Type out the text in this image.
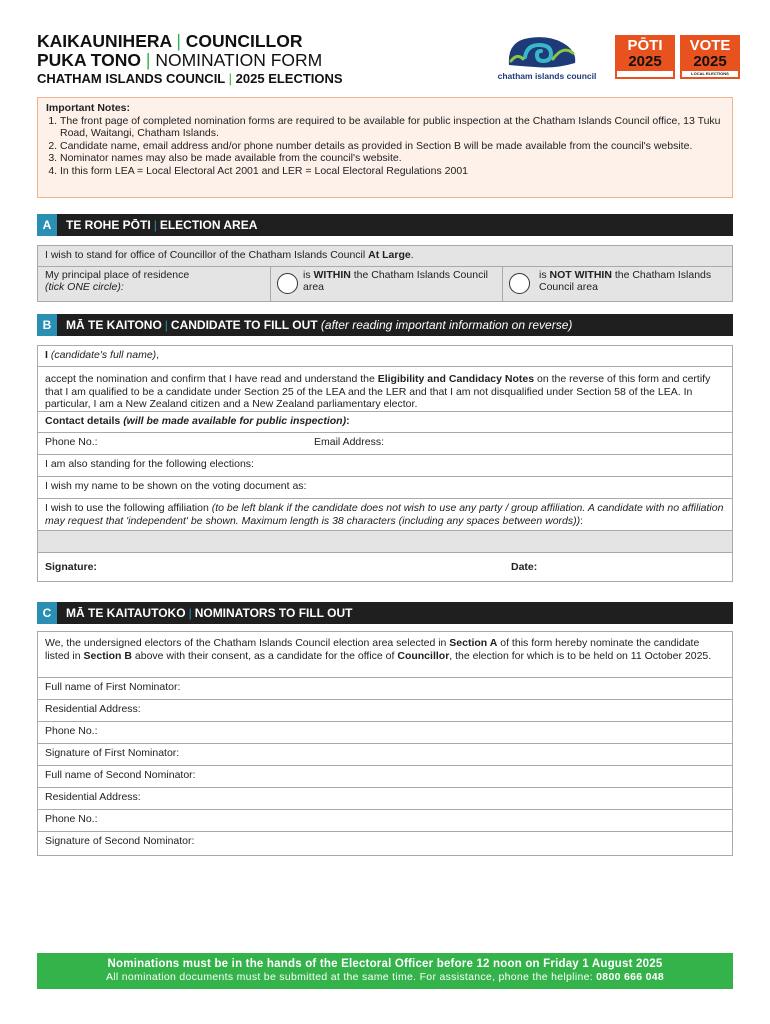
KAIKAUNIHERA | COUNCILLOR
PUKA TONO | NOMINATION FORM
CHATHAM ISLANDS COUNCIL | 2025 ELECTIONS	chatham islands council
PŌTI
2025
VOTE
2025
LOCAL ELECTIONS
Important Notes:
1. The front page of completed nomination forms are required to be available for public inspection at the Chatham Islands Council office, 13 Tuku Road, Waitangi, Chatham Islands.
2. Candidate name, email address and/or phone number details as provided in Section B will be made available from the council's website.
3. Nominator names may also be made available from the council's website.
4. In this form LEA = Local Electoral Act 2001 and LER = Local Electoral Regulations 2001
A	TE ROHE PŌTI | ELECTION AREA
I wish to stand for office of Councillor of the Chatham Islands Council At Large.
My principal place of residence
(tick ONE circle):
is WITHIN the Chatham Islands Council area
is NOT WITHIN the Chatham Islands Council area
B	MĀ TE KAITONO | CANDIDATE TO FILL OUT (after reading important information on reverse)
I (candidate's full name),
accept the nomination and confirm that I have read and understand the Eligibility and Candidacy Notes on the reverse of this form and certify that I am qualified to be a candidate under Section 25 of the LEA and the LER and that I am not disqualified under Section 58 of the LEA. In particular, I am a New Zealand citizen and a New Zealand parliamentary elector.
Contact details (will be made available for public inspection):
Phone No.:	Email Address:
I am also standing for the following elections:
I wish my name to be shown on the voting document as:
I wish to use the following affiliation (to be left blank if the candidate does not wish to use any party / group affiliation. A candidate with no affiliation may request that 'independent' be shown. Maximum length is 38 characters (including any spaces between words)):
Signature:	Date:
C	MĀ TE KAITAUTOKO | NOMINATORS TO FILL OUT
We, the undersigned electors of the Chatham Islands Council election area selected in Section A of this form hereby nominate the candidate listed in Section B above with their consent, as a candidate for the office of Councillor, the election for which is to be held on 11 October 2025.
Full name of First Nominator:
Residential Address:
Phone No.:
Signature of First Nominator:
Full name of Second Nominator:
Residential Address:
Phone No.:
Signature of Second Nominator:
Nominations must be in the hands of the Electoral Officer before 12 noon on Friday 1 August 2025
All nomination documents must be submitted at the same time. For assistance, phone the helpline: 0800 666 048
